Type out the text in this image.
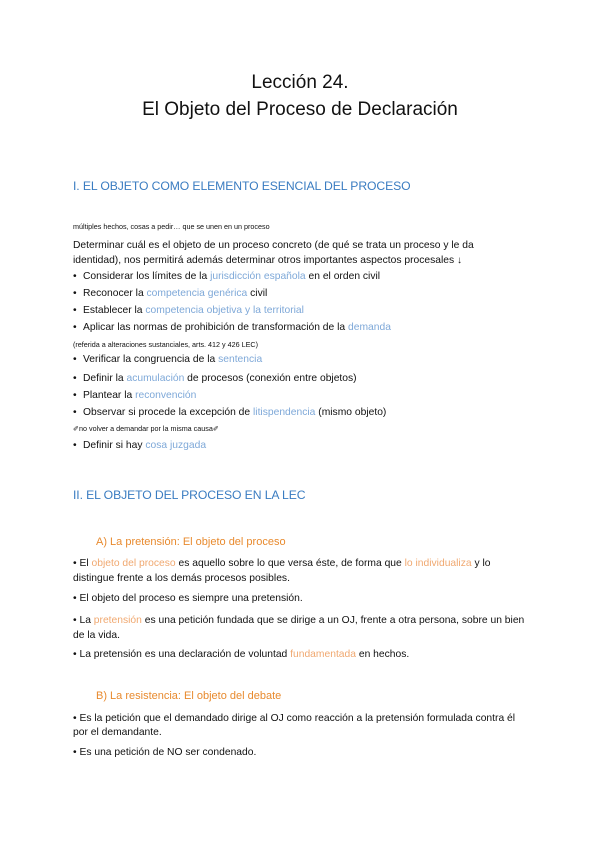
Lección 24.
El Objeto del Proceso de Declaración
I. EL OBJETO COMO ELEMENTO ESENCIAL DEL PROCESO
múltiples hechos, cosas a pedir… que se unen en un proceso
Determinar cuál es el objeto de un proceso concreto (de qué se trata un proceso y le da identidad), nos permitirá además determinar otros importantes aspectos procesales ↓
• Considerar los límites de la jurisdicción española en el orden civil
• Reconocer la competencia genérica civil
• Establecer la competencia objetiva y la territorial
• Aplicar las normas de prohibición de transformación de la demanda
(referida a alteraciones sustanciales, arts. 412 y 426 LEC)
• Verificar la congruencia de la sentencia
• Definir la acumulación de procesos (conexión entre objetos)
• Plantear la reconvención
• Observar si procede la excepción de litispendencia (mismo objeto)
✐no volver a demandar por la misma causa✐
• Definir si hay cosa juzgada
II. EL OBJETO DEL PROCESO EN LA LEC
A) La pretensión: El objeto del proceso
• El objeto del proceso es aquello sobre lo que versa éste, de forma que lo individualiza y lo distingue frente a los demás procesos posibles.
• El objeto del proceso es siempre una pretensión.
• La pretensión es una petición fundada que se dirige a un OJ, frente a otra persona, sobre un bien de la vida.
• La pretensión es una declaración de voluntad fundamentada en hechos.
B) La resistencia: El objeto del debate
• Es la petición que el demandado dirige al OJ como reacción a la pretensión formulada contra él por el demandante.
• Es una petición de NO ser condenado.
